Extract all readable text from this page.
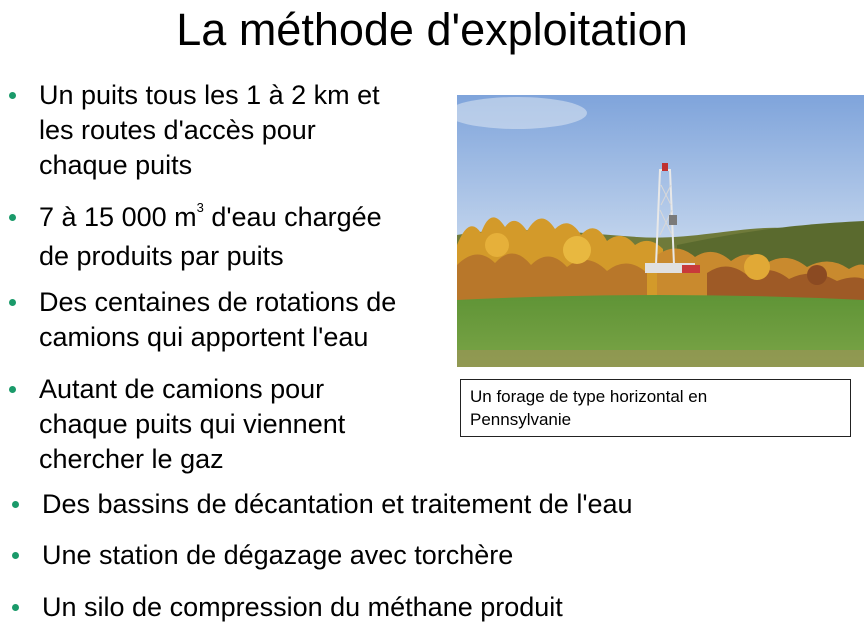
La méthode d'exploitation
Un puits tous les 1 à 2 km et
les routes d'accès pour
chaque puits
7 à 15 000 $m^3$ d'eau chargée
de produits par puits
Des centaines de rotations de
camions qui apportent l'eau
Autant de camions pour
chaque puits qui viennent
chercher le gaz
Des bassins de décantation et traitement de l'eau
Une station de dégazage avec torchère
Un silo de compression du méthane produit
Un forage de type horizontal en
Pennsylvanie
